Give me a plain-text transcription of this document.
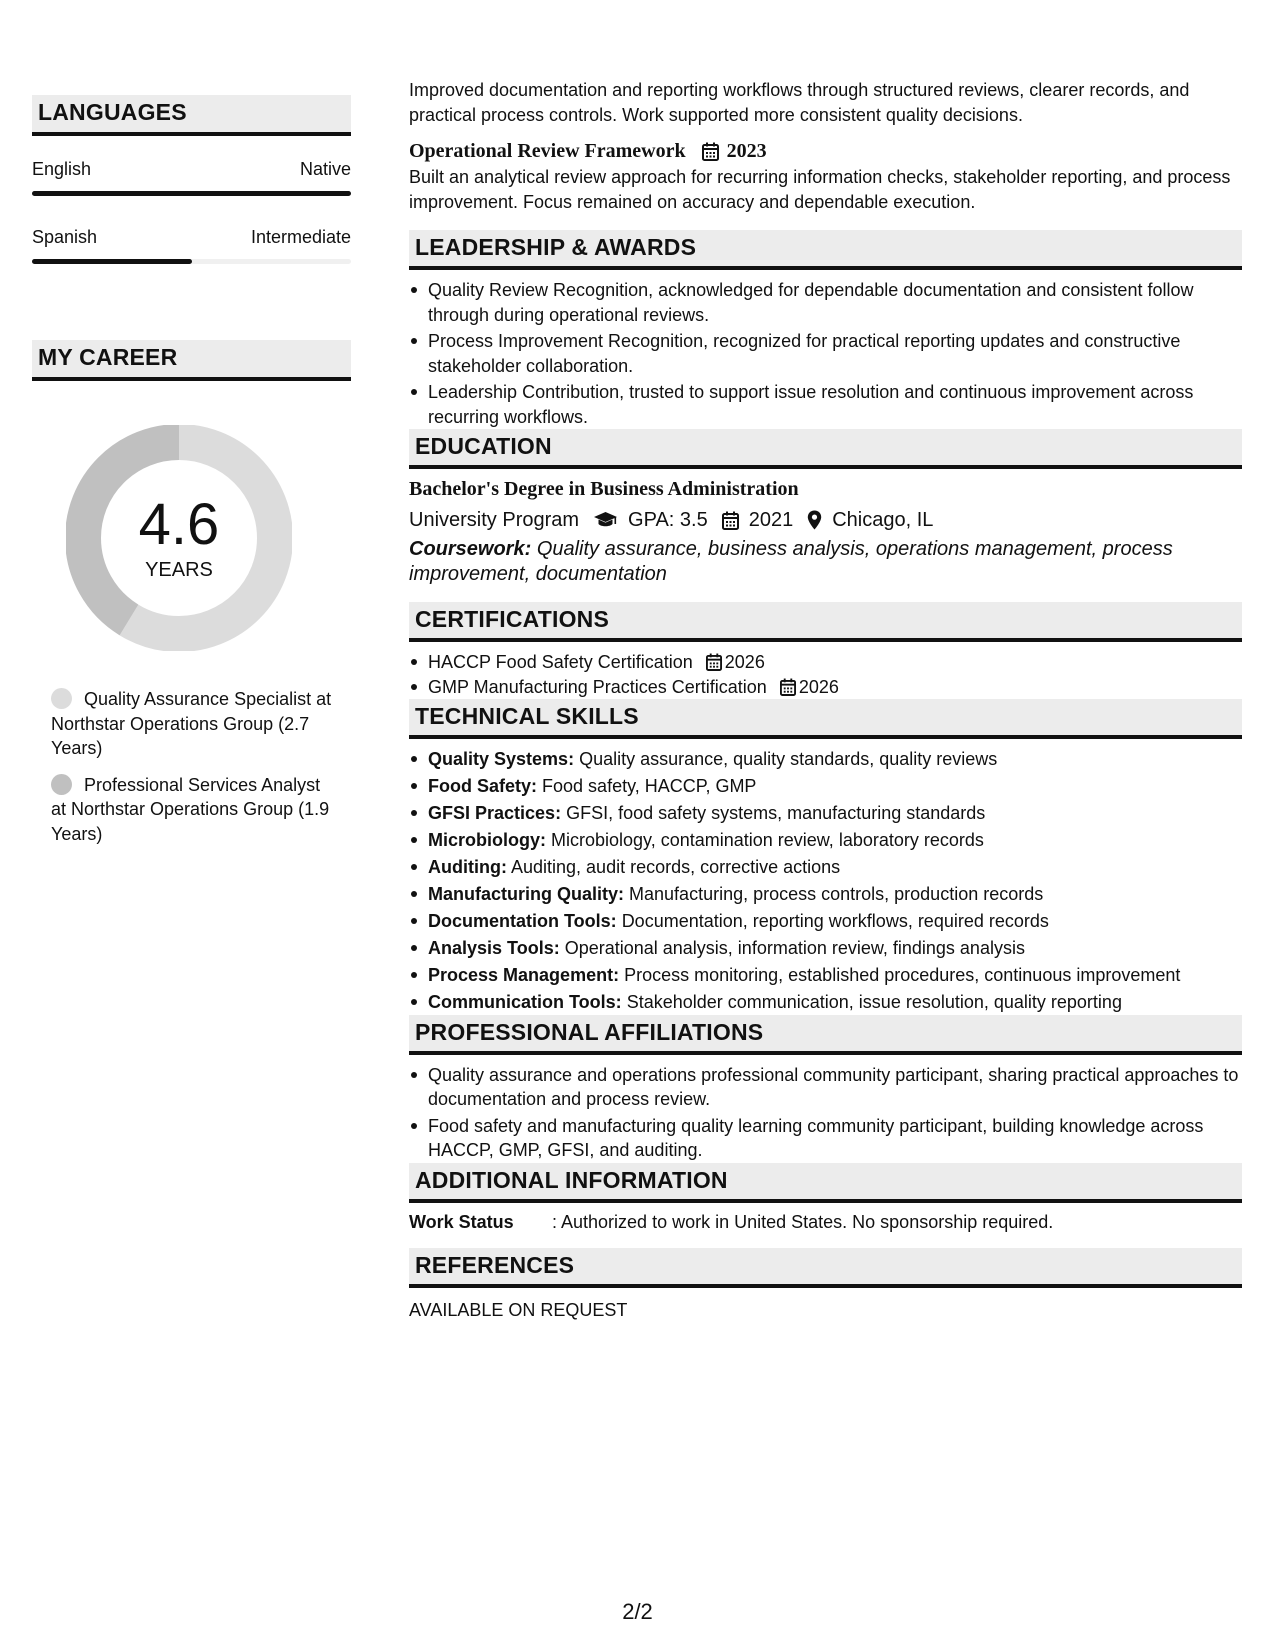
LANGUAGES
English	Native
Spanish	Intermediate
MY CAREER
4.6
YEARS
Quality Assurance Specialist at Northstar Operations Group (2.7 Years)
Professional Services Analyst at Northstar Operations Group (1.9 Years)

Improved documentation and reporting workflows through structured reviews, clearer records, and practical process controls. Work supported more consistent quality decisions.

Operational Review Framework 2023

Built an analytical review approach for recurring information checks, stakeholder reporting, and process improvement. Focus remained on accuracy and dependable execution.

LEADERSHIP & AWARDS
Quality Review Recognition, acknowledged for dependable documentation and consistent follow through during operational reviews.
Process Improvement Recognition, recognized for practical reporting updates and constructive stakeholder collaboration.
Leadership Contribution, trusted to support issue resolution and continuous improvement across recurring workflows.
EDUCATION
Bachelor's Degree in Business Administration
University Program GPA: 3.5 2021 Chicago, IL

Coursework: Quality assurance, business analysis, operations management, process improvement, documentation

CERTIFICATIONS
HACCP Food Safety Certification 2026
GMP Manufacturing Practices Certification 2026
TECHNICAL SKILLS
Quality Systems: Quality assurance, quality standards, quality reviews
Food Safety: Food safety, HACCP, GMP
GFSI Practices: GFSI, food safety systems, manufacturing standards
Microbiology: Microbiology, contamination review, laboratory records
Auditing: Auditing, audit records, corrective actions
Manufacturing Quality: Manufacturing, process controls, production records
Documentation Tools: Documentation, reporting workflows, required records
Analysis Tools: Operational analysis, information review, findings analysis
Process Management: Process monitoring, established procedures, continuous improvement
Communication Tools: Stakeholder communication, issue resolution, quality reporting
PROFESSIONAL AFFILIATIONS
Quality assurance and operations professional community participant, sharing practical approaches to documentation and process review.
Food safety and manufacturing quality learning community participant, building knowledge across HACCP, GMP, GFSI, and auditing.
ADDITIONAL INFORMATION
Work Status	: Authorized to work in United States. No sponsorship required.
REFERENCES

AVAILABLE ON REQUEST

2/2
